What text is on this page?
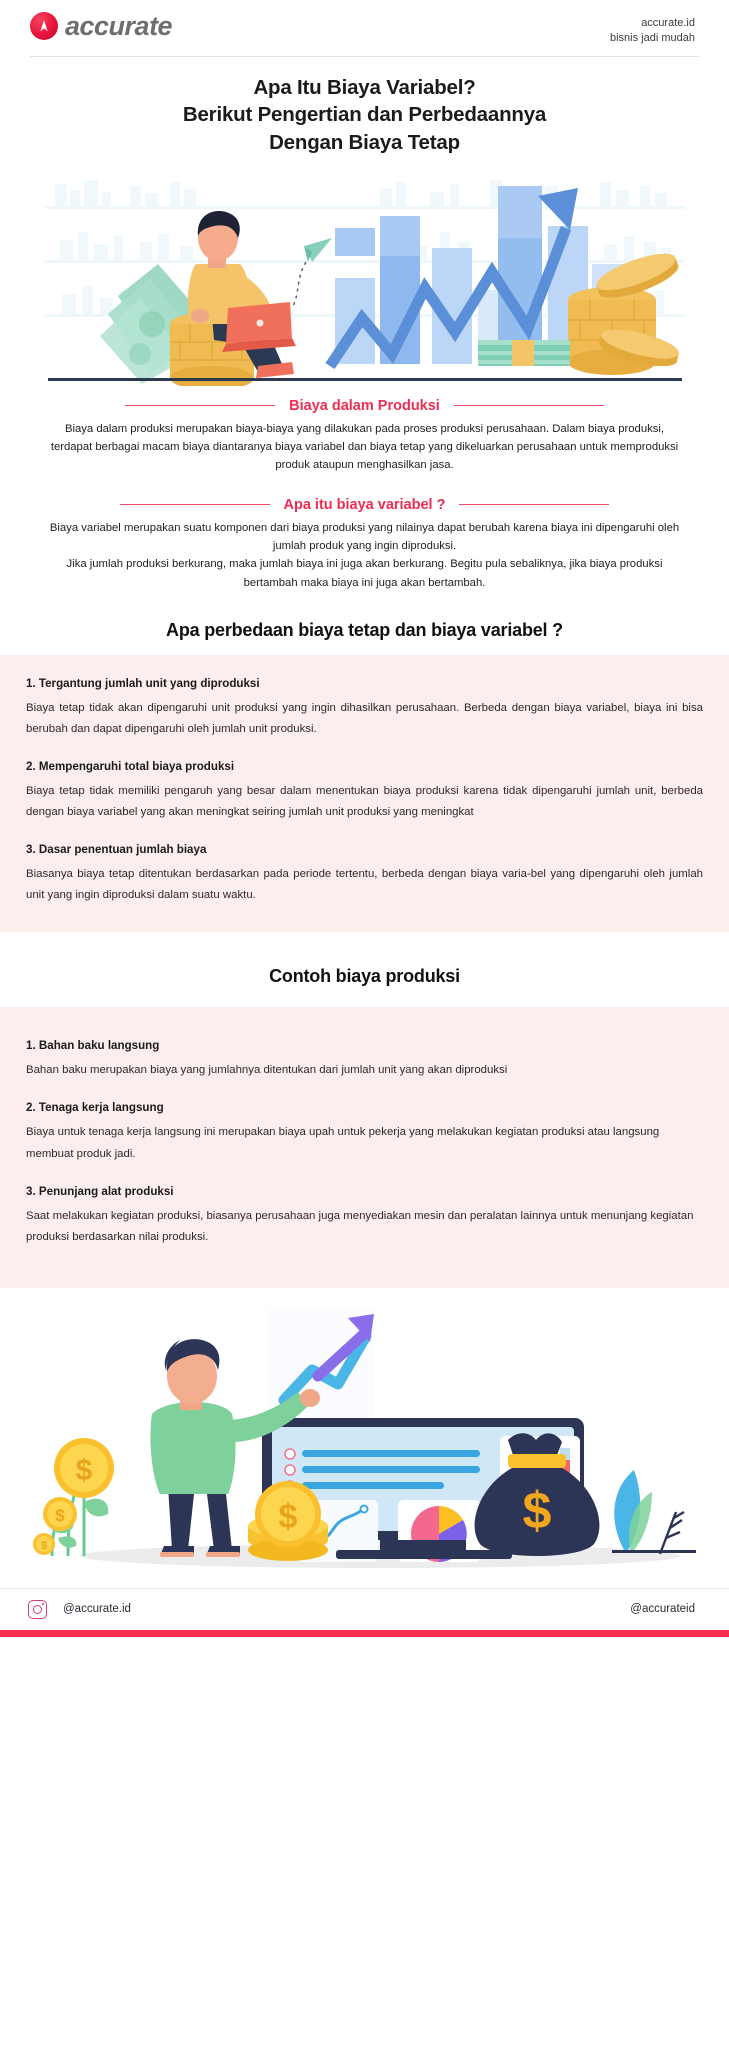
accurate	accurate.id
bisnis jadi mudah
Apa Itu Biaya Variabel?
Berikut Pengertian dan Perbedaannya
Dengan Biaya Tetap
Biaya dalam Produksi

Biaya dalam produksi merupakan biaya-biaya yang dilakukan pada proses produksi perusahaan. Dalam biaya produksi, terdapat berbagai macam biaya diantaranya biaya variabel dan biaya tetap yang dikeluarkan perusahaan untuk memproduksi produk ataupun menghasilkan jasa.

Apa itu biaya variabel ?

Biaya variabel merupakan suatu komponen dari biaya produksi yang nilainya dapat berubah karena biaya ini dipengaruhi oleh jumlah produk yang ingin diproduksi.

Jika jumlah produksi berkurang, maka jumlah biaya ini juga akan berkurang. Begitu pula sebaliknya, jika biaya produksi bertambah maka biaya ini juga akan bertambah.

Apa perbedaan biaya tetap dan biaya variabel ?
1. Tergantung jumlah unit yang diproduksi
Biaya tetap tidak akan dipengaruhi unit produksi yang ingin dihasilkan perusahaan. Berbeda dengan biaya variabel, biaya ini bisa berubah dan dapat dipengaruhi oleh jumlah unit produksi.
2. Mempengaruhi total biaya produksi
Biaya tetap tidak memiliki pengaruh yang besar dalam menentukan biaya produksi karena tidak dipengaruhi jumlah unit, berbeda dengan biaya variabel yang akan meningkat seiring jumlah unit produksi yang meningkat
3. Dasar penentuan jumlah biaya
Biasanya biaya tetap ditentukan berdasarkan pada periode tertentu, berbeda dengan biaya varia-bel yang dipengaruhi oleh jumlah unit yang ingin diproduksi dalam suatu waktu.
Contoh biaya produksi
1. Bahan baku langsung
Bahan baku merupakan biaya yang jumlahnya ditentukan dari jumlah unit yang akan diproduksi
2. Tenaga kerja langsung
Biaya untuk tenaga kerja langsung ini merupakan biaya upah untuk pekerja yang melakukan kegiatan produksi atau langsung membuat produk jadi.
3. Penunjang alat produksi
Saat melakukan kegiatan produksi, biasanya perusahaan juga menyediakan mesin dan peralatan lainnya untuk menunjang kegiatan produksi berdasarkan nilai produksi.
$
$
$
$	$
@accurate.id	@accurateid
